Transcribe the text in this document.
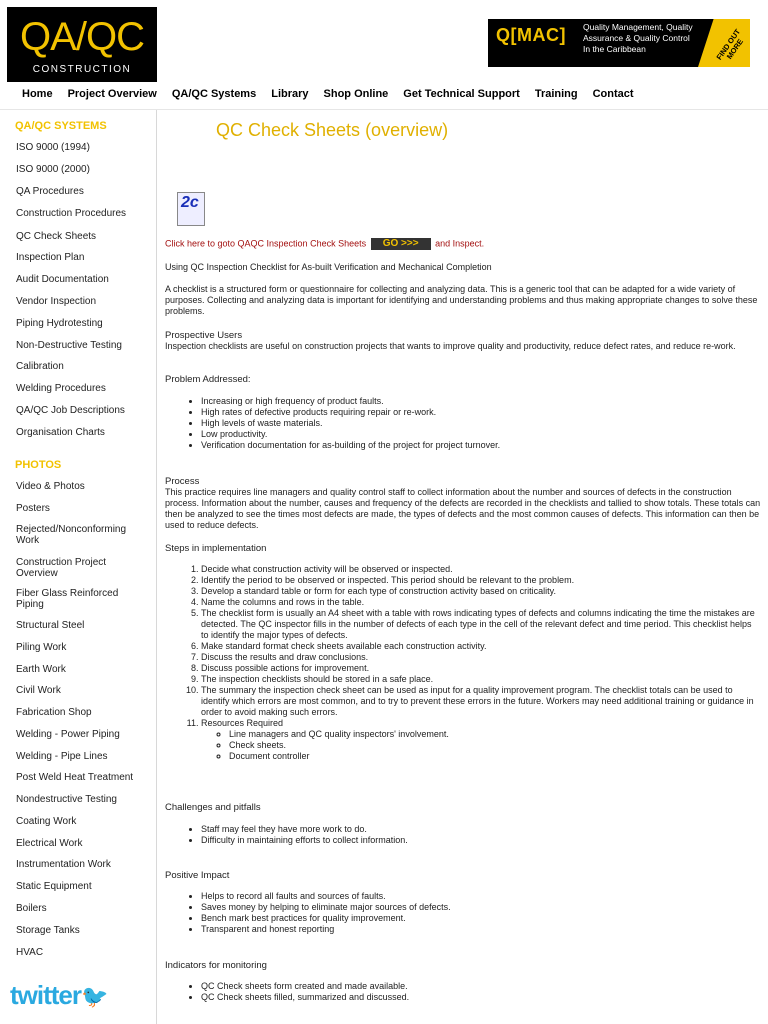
QA/QC
CONSTRUCTION
Q[MAC] Quality Management, Quality Assurance & Quality Control In the Caribbean	FIND OUT MORE
Home Project Overview QA/QC Systems Library Shop Online Get Technical Support Training Contact
QA/QC SYSTEMS
ISO 9000 (1994)
ISO 9000 (2000)
QA Procedures
Construction Procedures
QC Check Sheets
Inspection Plan
Audit Documentation
Vendor Inspection
Piping Hydrotesting
Non-Destructive Testing
Calibration
Welding Procedures
QA/QC Job Descriptions
Organisation Charts
PHOTOS
Video & Photos
Posters
Rejected/Nonconforming Work
Construction Project Overview
Fiber Glass Reinforced Piping
Structural Steel
Piling Work
Earth Work
Civil Work
Fabrication Shop
Welding - Power Piping
Welding - Pipe Lines
Post Weld Heat Treatment
Nondestructive Testing
Coating Work
Electrical Work
Instrumentation Work
Static Equipment
Boilers
Storage Tanks
HVAC
twitter🐦
QC Check Sheets (overview)
2c
Click here to goto QAQC Inspection Check Sheets GO >>> and Inspect.

Using QC Inspection Checklist for As-built Verification and Mechanical Completion

A checklist is a structured form or questionnaire for collecting and analyzing data. This is a generic tool that can be adapted for a wide variety of purposes. Collecting and analyzing data is important for identifying and understanding problems and thus making appropriate changes to solve these problems.

Prospective Users

Inspection checklists are useful on construction projects that wants to improve quality and productivity, reduce defect rates, and reduce re-work.

Problem Addressed:
• Increasing or high frequency of product faults.
• High rates of defective products requiring repair or re-work.
• High levels of waste materials.
• Low productivity.
• Verification documentation for as-building of the project for project turnover.
Process

This practice requires line managers and quality control staff to collect information about the number and sources of defects in the construction process. Information about the number, causes and frequency of the defects are recorded in the checklists and tallied to show totals. These totals can then be analyzed to see the times most defects are made, the types of defects and the most common causes of defects. This information can then be used to reduce defects.

Steps in implementation
1. Decide what construction activity will be observed or inspected.
2. Identify the period to be observed or inspected. This period should be relevant to the problem.
3. Develop a standard table or form for each type of construction activity based on criticality.
4. Name the columns and rows in the table.
5. The checklist form is usually an A4 sheet with a table with rows indicating types of defects and columns indicating the time the mistakes are detected. The QC inspector fills in the number of defects of each type in the cell of the relevant defect and time period. This checklist helps to identify the major types of defects.
6. Make standard format check sheets available each construction activity.
7. Discuss the results and draw conclusions.
8. Discuss possible actions for improvement.
9. The inspection checklists should be stored in a safe place.
10. The summary the inspection check sheet can be used as input for a quality improvement program. The checklist totals can be used to identify which errors are most common, and to try to prevent these errors in the future. Workers may need additional training or guidance in order to avoid making such errors.
11. Resources Required
◦ Line managers and QC quality inspectors' involvement.
◦ Check sheets.
◦ Document controller
Challenges and pitfalls
• Staff may feel they have more work to do.
• Difficulty in maintaining efforts to collect information.
Positive Impact
• Helps to record all faults and sources of faults.
• Saves money by helping to eliminate major sources of defects.
• Bench mark best practices for quality improvement.
• Transparent and honest reporting
Indicators for monitoring
• QC Check sheets form created and made available.
• QC Check sheets filled, summarized and discussed.
